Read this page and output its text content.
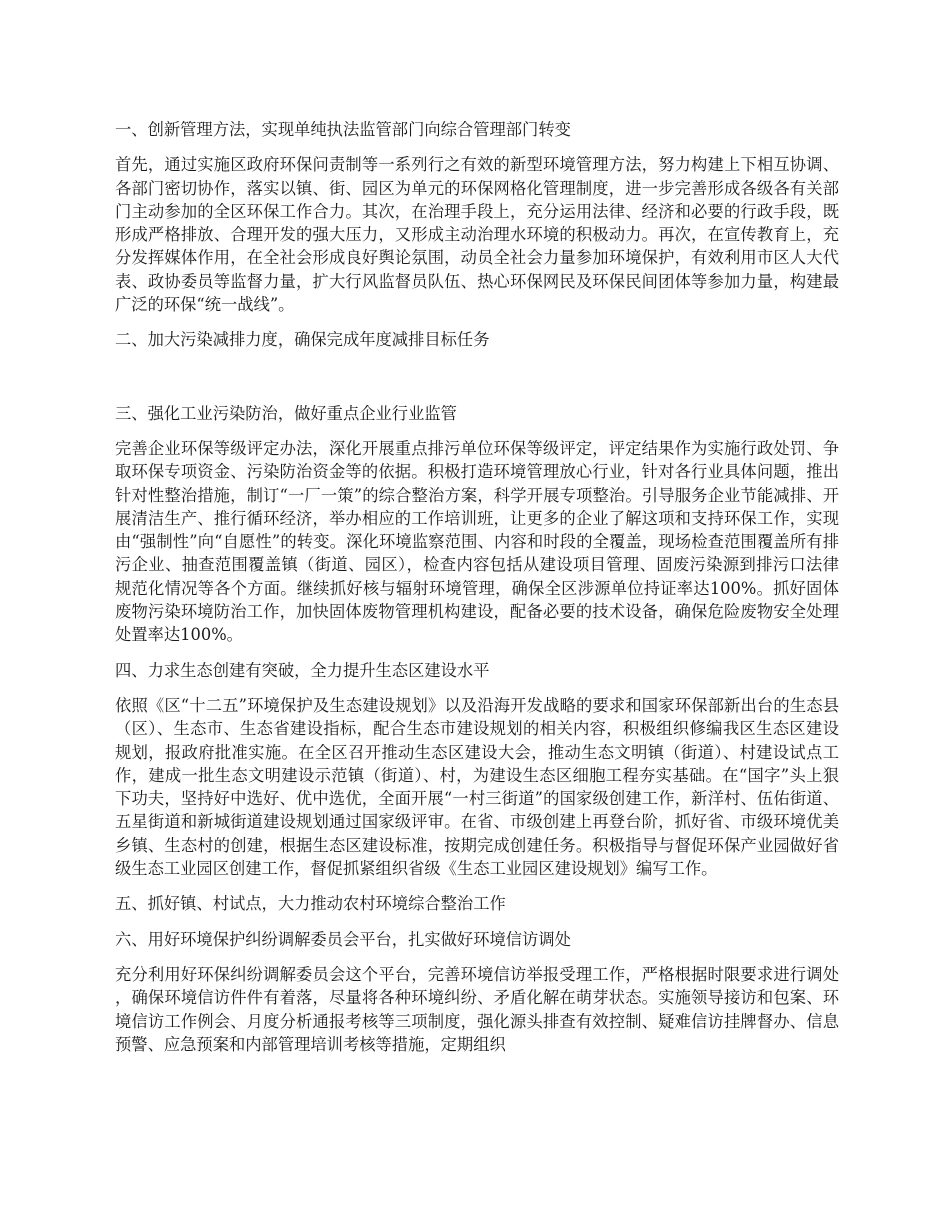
一、创新管理方法，实现单纯执法监管部门向综合管理部门转变

首先，通过实施区政府环保问责制等一系列行之有效的新型环境管理方法，努力构建上下相互协调、各部门密切协作，落实以镇、街、园区为单元的环保网格化管理制度，进一步完善形成各级各有关部门主动参加的全区环保工作合力。其次，在治理手段上，充分运用法律、经济和必要的行政手段，既形成严格排放、合理开发的强大压力，又形成主动治理水环境的积极动力。再次，在宣传教育上，充分发挥媒体作用，在全社会形成良好舆论氛围，动员全社会力量参加环境保护，有效利用市区人大代表、政协委员等监督力量，扩大行风监督员队伍、热心环保网民及环保民间团体等参加力量，构建最广泛的环保“统一战线”。

二、加大污染减排力度，确保完成年度减排目标任务

三、强化工业污染防治，做好重点企业行业监管

完善企业环保等级评定办法，深化开展重点排污单位环保等级评定，评定结果作为实施行政处罚、争取环保专项资金、污染防治资金等的依据。积极打造环境管理放心行业，针对各行业具体问题，推出针对性整治措施，制订“一厂一策”的综合整治方案，科学开展专项整治。引导服务企业节能减排、开展清洁生产、推行循环经济，举办相应的工作培训班，让更多的企业了解这项和支持环保工作，实现由“强制性”向“自愿性”的转变。深化环境监察范围、内容和时段的全覆盖，现场检查范围覆盖所有排污企业、抽查范围覆盖镇（街道、园区），检查内容包括从建设项目管理、固废污染源到排污口法律规范化情况等各个方面。继续抓好核与辐射环境管理，确保全区涉源单位持证率达100%。抓好固体废物污染环境防治工作，加快固体废物管理机构建设，配备必要的技术设备，确保危险废物安全处理处置率达100%。

四、力求生态创建有突破，全力提升生态区建设水平

依照《区“十二五”环境保护及生态建设规划》以及沿海开发战略的要求和国家环保部新出台的生态县（区）、生态市、生态省建设指标，配合生态市建设规划的相关内容，积极组织修编我区生态区建设规划，报政府批准实施。在全区召开推动生态区建设大会，推动生态文明镇（街道）、村建设试点工作，建成一批生态文明建设示范镇（街道）、村，为建设生态区细胞工程夯实基础。在“国字”头上狠下功夫，坚持好中选好、优中选优，全面开展“一村三街道”的国家级创建工作，新洋村、伍佑街道、五星街道和新城街道建设规划通过国家级评审。在省、市级创建上再登台阶，抓好省、市级环境优美乡镇、生态村的创建，根据生态区建设标准，按期完成创建任务。积极指导与督促环保产业园做好省级生态工业园区创建工作，督促抓紧组织省级《生态工业园区建设规划》编写工作。

五、抓好镇、村试点，大力推动农村环境综合整治工作

六、用好环境保护纠纷调解委员会平台，扎实做好环境信访调处

充分利用好环保纠纷调解委员会这个平台，完善环境信访举报受理工作，严格根据时限要求进行调处，确保环境信访件件有着落，尽量将各种环境纠纷、矛盾化解在萌芽状态。实施领导接访和包案、环境信访工作例会、月度分析通报考核等三项制度，强化源头排查有效控制、疑难信访挂牌督办、信息预警、应急预案和内部管理培训考核等措施，定期组织
